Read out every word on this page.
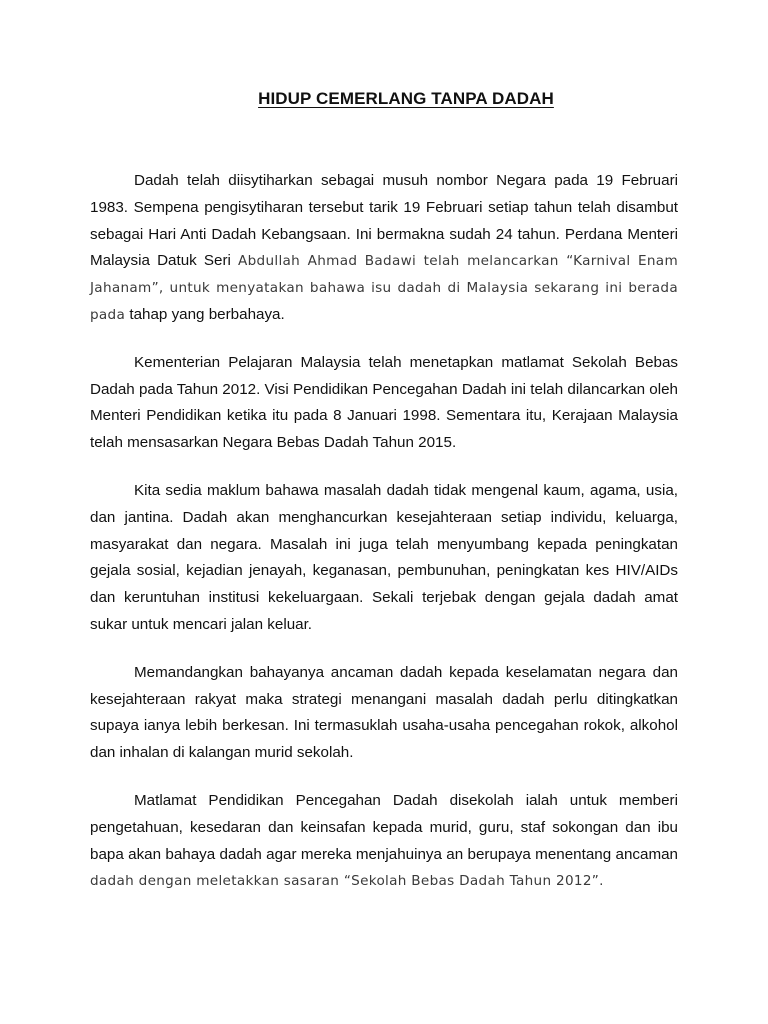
HIDUP CEMERLANG TANPA DADAH

Dadah telah diisytiharkan sebagai musuh nombor Negara pada 19 Februari 1983. Sempena pengisytiharan tersebut tarik 19 Februari setiap tahun telah disambut sebagai Hari Anti Dadah Kebangsaan. Ini bermakna sudah 24 tahun. Perdana Menteri Malaysia Datuk Seri Abdullah Ahmad Badawi telah melancarkan “Karnival Enam Jahanam”, untuk menyatakan bahawa isu dadah di Malaysia sekarang ini berada pada tahap yang berbahaya.

Kementerian Pelajaran Malaysia telah menetapkan matlamat Sekolah Bebas Dadah pada Tahun 2012. Visi Pendidikan Pencegahan Dadah ini telah dilancarkan oleh Menteri Pendidikan ketika itu pada 8 Januari 1998. Sementara itu, Kerajaan Malaysia telah mensasarkan Negara Bebas Dadah Tahun 2015.

Kita sedia maklum bahawa masalah dadah tidak mengenal kaum, agama, usia, dan jantina. Dadah akan menghancurkan kesejahteraan setiap individu, keluarga, masyarakat dan negara. Masalah ini juga telah menyumbang kepada peningkatan gejala sosial, kejadian jenayah, keganasan, pembunuhan, peningkatan kes HIV/AIDs dan keruntuhan institusi kekeluargaan. Sekali terjebak dengan gejala dadah amat sukar untuk mencari jalan keluar.

Memandangkan bahayanya ancaman dadah kepada keselamatan negara dan kesejahteraan rakyat maka strategi menangani masalah dadah perlu ditingkatkan supaya ianya lebih berkesan. Ini termasuklah usaha-usaha pencegahan rokok, alkohol dan inhalan di kalangan murid sekolah.

Matlamat Pendidikan Pencegahan Dadah disekolah ialah untuk memberi pengetahuan, kesedaran dan keinsafan kepada murid, guru, staf sokongan dan ibu bapa akan bahaya dadah agar mereka menjahuinya an berupaya menentang ancaman dadah dengan meletakkan sasaran “Sekolah Bebas Dadah Tahun 2012”.
